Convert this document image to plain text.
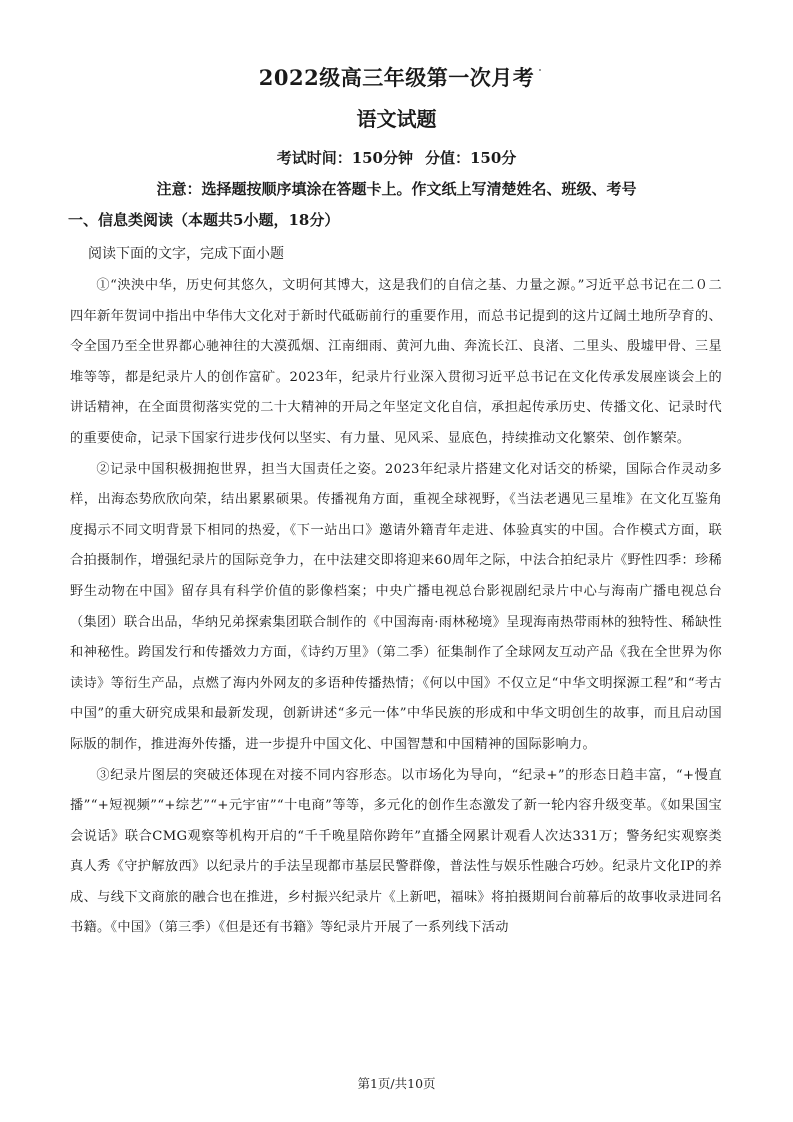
2022级高三年级第一次月考
语文试题
考试时间：150分钟 分值：150分
注意：选择题按顺序填涂在答题卡上。作文纸上写清楚姓名、班级、考号
一、信息类阅读（本题共5小题，18分）
阅读下面的文字，完成下面小题

①“泱泱中华，历史何其悠久，文明何其博大，这是我们的自信之基、力量之源。”习近平总书记在二０二四年新年贺词中指出中华伟大文化对于新时代砥砺前行的重要作用，而总书记提到的这片辽阔土地所孕育的、令全国乃至全世界都心驰神往的大漠孤烟、江南细雨、黄河九曲、奔流长江、良渚、二里头、殷墟甲骨、三星堆等等，都是纪录片人的创作富矿。2023年，纪录片行业深入贯彻习近平总书记在文化传承发展座谈会上的讲话精神，在全面贯彻落实党的二十大精神的开局之年坚定文化自信，承担起传承历史、传播文化、记录时代的重要使命，记录下国家行进步伐何以坚实、有力量、见风采、显底色，持续推动文化繁荣、创作繁荣。

②记录中国积极拥抱世界，担当大国责任之姿。2023年纪录片搭建文化对话交的桥梁，国际合作灵动多样，出海态势欣欣向荣，结出累累硕果。传播视角方面，重视全球视野，《当法老遇见三星堆》在文化互鉴角度揭示不同文明背景下相同的热爱，《下一站出口》邀请外籍青年走进、体验真实的中国。合作模式方面，联合拍摄制作，增强纪录片的国际竞争力，在中法建交即将迎来60周年之际，中法合拍纪录片《野性四季：珍稀野生动物在中国》留存具有科学价值的影像档案；中央广播电视总台影视剧纪录片中心与海南广播电视总台（集团）联合出品，华纳兄弟探索集团联合制作的《中国海南·雨林秘境》呈现海南热带雨林的独特性、稀缺性和神秘性。跨国发行和传播效力方面，《诗约万里》（第二季）征集制作了全球网友互动产品《我在全世界为你读诗》等衍生产品，点燃了海内外网友的多语种传播热情；《何以中国》不仅立足“中华文明探源工程”和“考古中国”的重大研究成果和最新发现，创新讲述“多元一体”中华民族的形成和中华文明创生的故事，而且启动国际版的制作，推进海外传播，进一步提升中国文化、中国智慧和中国精神的国际影响力。

③纪录片图层的突破还体现在对接不同内容形态。以市场化为导向，“纪录+”的形态日趋丰富，“+慢直播”“+短视频”“+综艺”“+元宇宙”“十电商”等等，多元化的创作生态激发了新一轮内容升级变革。《如果国宝会说话》联合CMG观察等机构开启的“千千晚星陪你跨年”直播全网累计观看人次达331万；警务纪实观察类真人秀《守护解放西》以纪录片的手法呈现都市基层民警群像，普法性与娱乐性融合巧妙。纪录片文化IP的养成、与线下文商旅的融合也在推进，乡村振兴纪录片《上新吧，福味》将拍摄期间台前幕后的故事收录进同名书籍。《中国》（第三季）《但是还有书籍》等纪录片开展了一系列线下活动

第1页/共10页
